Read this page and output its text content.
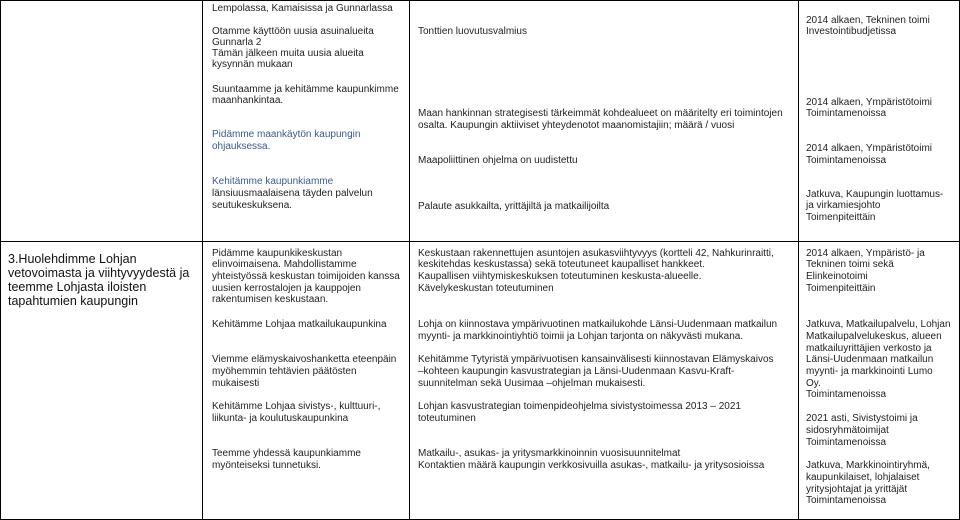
Lempolassa, Kamaisissa ja Gunnarlassa

Otamme käyttöön uusia asuinalueita

Gunnarla 2

Tämän jälkeen muita uusia alueita

kysynnän mukaan

Suuntaamme ja kehitämme kaupunkimme

maanhankintaa.

Pidämme maankäytön kaupungin

ohjauksessa.

Kehitämme kaupunkiamme

länsiuusmaalaisena täyden palvelun

seutukeskuksena.

Tonttien luovutusvalmius

Maan hankinnan strategisesti tärkeimmät kohdealueet on määritelty eri toimintojen

osalta. Kaupungin aktiiviset yhteydenotot maanomistajiin; määrä / vuosi

Maapoliittinen ohjelma on uudistettu

Palaute asukkailta, yrittäjiltä ja matkailijoilta

2014 alkaen, Tekninen toimi

Investointibudjetissa

2014 alkaen, Ympäristötoimi

Toimintamenoissa

2014 alkaen, Ympäristötoimi

Toimintamenoissa

Jatkuva, Kaupungin luottamus-

ja virkamiesjohto

Toimenpiteittäin

3.Huolehdimme Lohjan

vetovoimasta ja viihtyvyydestä ja

teemme Lohjasta iloisten

tapahtumien kaupungin

Pidämme kaupunkikeskustan

elinvoimaisena. Mahdollistamme

yhteistyössä keskustan toimijoiden kanssa

uusien kerrostalojen ja kauppojen

rakentumisen keskustaan.

Kehitämme Lohjaa matkailukaupunkina

Viemme elämyskaivoshanketta eteenpäin

myöhemmin tehtävien päätösten

mukaisesti

Kehitämme Lohjaa sivistys-, kulttuuri-,

liikunta- ja koulutuskaupunkina

Teemme yhdessä kaupunkiamme

myönteiseksi tunnetuksi.

Keskustaan rakennettujen asuntojen asukasviihtyvyys (kortteli 42, Nahkurinraitti,

keskitehdas keskustassa) sekä toteutuneet kaupalliset hankkeet.

Kaupallisen viihtymiskeskuksen toteutuminen keskusta-alueelle.

Kävelykeskustan toteutuminen

Lohja on kiinnostava ympärivuotinen matkailukohde Länsi-Uudenmaan matkailun

myynti- ja markkinointiyhtiö toimii ja Lohjan tarjonta on näkyvästi mukana.

Kehitämme Tytyristä ympärivuotisen kansainvälisesti kiinnostavan Elämyskaivos

–kohteen kaupungin kasvustrategian ja Länsi-Uudenmaan Kasvu-Kraft-

suunnitelman sekä Uusimaa –ohjelman mukaisesti.

Lohjan kasvustrategian toimenpideohjelma sivistystoimessa 2013 – 2021

toteutuminen

Matkailu-, asukas- ja yritysmarkkinoinnin vuosisuunnitelmat

Kontaktien määrä kaupungin verkkosivuilla asukas-, matkailu- ja yritysosioissa

2014 alkaen, Ympäristö- ja

Tekninen toimi sekä

Elinkeinotoimi

Toimenpiteittäin

Jatkuva, Matkailupalvelu, Lohjan

Matkailupalvelukeskus, alueen

matkailuyrittäjien verkosto ja

Länsi-Uudenmaan matkailun

myynti- ja markkinointi Lumo

Oy.

Toimintamenoissa

2021 asti, Sivistystoimi ja

sidosryhmätoimijat

Toimintamenoissa

Jatkuva, Markkinointiryhmä,

kaupunkilaiset, lohjalaiset

yritysjohtajat ja yrittäjät

Toimintamenoissa
